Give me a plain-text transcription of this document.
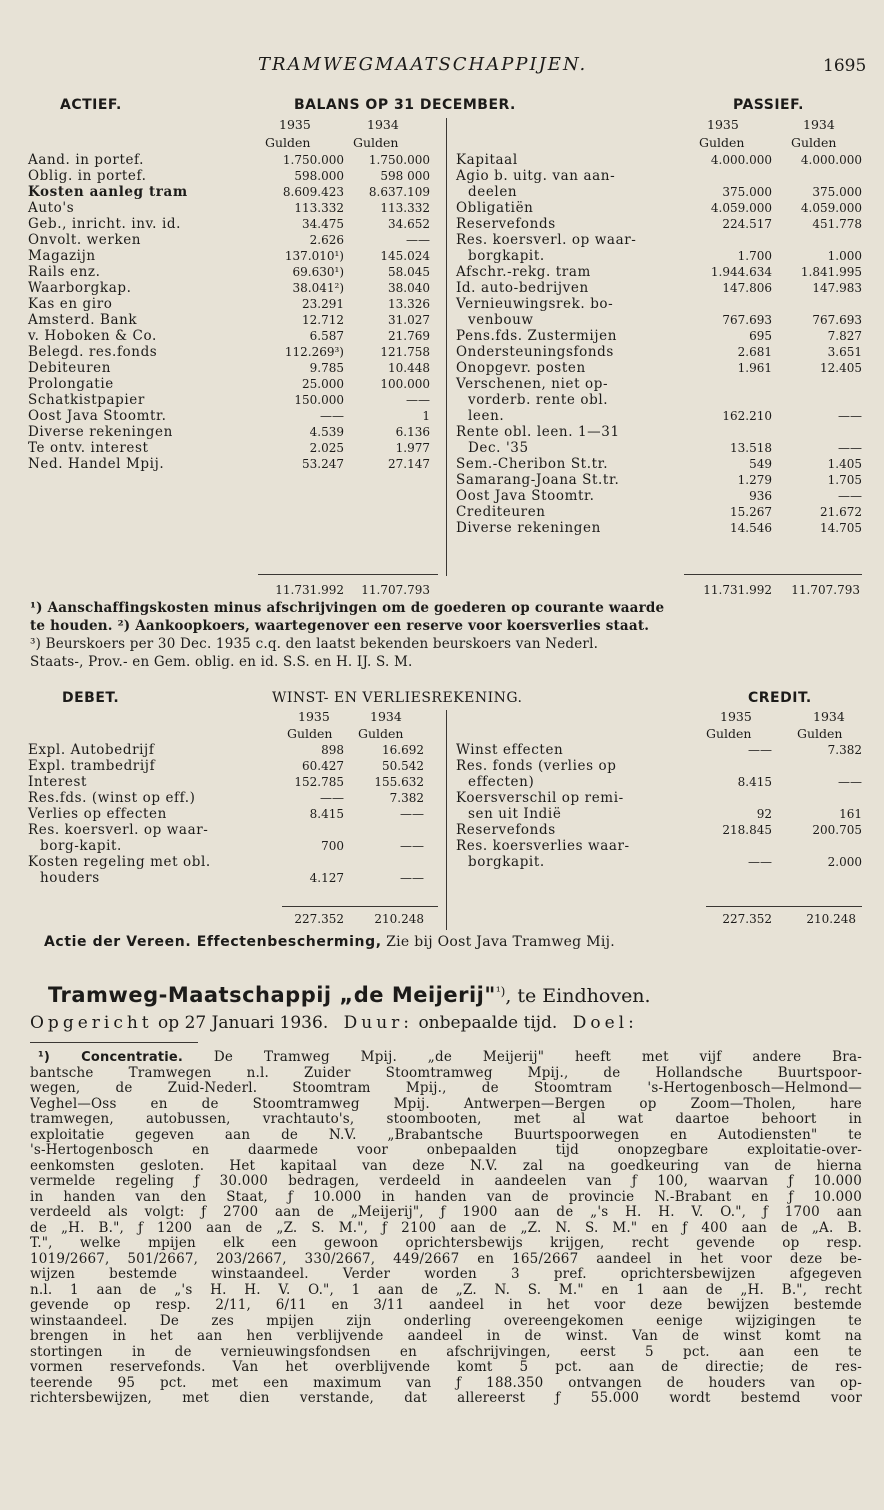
TRAMWEGMAATSCHAPPIJEN.	1695
ACTIEF.	BALANS OP 31 DECEMBER.	PASSIEF.
1935	1934	1935	1934
Gulden	Gulden	Gulden	Gulden
Aand. in portef.	1.750.000	1.750.000
Oblig. in portef.	598.000	598 000
Kosten aanleg tram	8.609.423	8.637.109
Auto's	113.332	113.332
Geb., inricht. inv. id.	34.475	34.652
Onvolt. werken	2.626	——
Magazijn	137.010¹)	145.024
Rails enz.	69.630¹)	58.045
Waarborgkap.	38.041²)	38.040
Kas en giro	23.291	13.326
Amsterd. Bank	12.712	31.027
v. Hoboken & Co.	6.587	21.769
Belegd. res.fonds	112.269³)	121.758
Debiteuren	9.785	10.448
Prolongatie	25.000	100.000
Schatkistpapier	150.000	——
Oost Java Stoomtr.	——	1
Diverse rekeningen	4.539	6.136
Te ontv. interest	2.025	1.977
Ned. Handel Mpij.	53.247	27.147
Kapitaal	4.000.000	4.000.000
Agio b. uitg. van aan-
deelen	375.000	375.000
Obligatiën	4.059.000	4.059.000
Reservefonds	224.517	451.778
Res. koersverl. op waar-
borgkapit.	1.700	1.000
Afschr.-rekg. tram	1.944.634	1.841.995
Id. auto-bedrijven	147.806	147.983
Vernieuwingsrek. bo-
venbouw	767.693	767.693
Pens.fds. Zustermijen	695	7.827
Ondersteuningsfonds	2.681	3.651
Onopgevr. posten	1.961	12.405
Verschenen, niet op-
vorderb. rente obl.
leen.	162.210	——
Rente obl. leen. 1—31
Dec. '35	13.518	——
Sem.-Cheribon St.tr.	549	1.405
Samarang-Joana St.tr.	1.279	1.705
Oost Java Stoomtr.	936	——
Crediteuren	15.267	21.672
Diverse rekeningen	14.546	14.705
11.731.992	11.707.793	11.731.992	11.707.793
¹) Aanschaffingskosten minus afschrijvingen om de goederen op courante waarde
te houden. ²) Aankoopkoers, waartegenover een reserve voor koersverlies staat.
³) Beurskoers per 30 Dec. 1935 c.q. den laatst bekenden beurskoers van Nederl.
Staats-, Prov.- en Gem. oblig. en id. S.S. en H. IJ. S. M.
DEBET.	WINST- EN VERLIESREKENING.	CREDIT.
1935	1934	1935	1934
Gulden Gulden	Gulden	Gulden
Expl. Autobedrijf	898	16.692
Expl. trambedrijf	60.427	50.542
Interest	152.785	155.632
Res.fds. (winst op eff.)	——	7.382
Verlies op effecten	8.415	——
Res. koersverl. op waar-
borg-kapit.	700	——
Kosten regeling met obl.
houders	4.127	——
Winst effecten	——	7.382
Res. fonds (verlies op
effecten)	8.415	——
Koersverschil op remi-
sen uit Indië	92	161
Reservefonds	218.845	200.705
Res. koersverlies waar-
borgkapit.	——	2.000
227.352	210.248	227.352	210.248
Actie der Vereen. Effectenbescherming, Zie bij Oost Java Tramweg Mij.
Tramweg-Maatschappij „de Meijerij"$^{^1)}$, te Eindhoven.
Opgericht op 27 Januari 1936. Duur: onbepaalde tijd. Doel:
¹) Concentratie. De Tramweg Mpij. „de Meijerij" heeft met vijf andere Bra-
bantsche Tramwegen n.l. Zuider Stoomtramweg Mpij., de Hollandsche Buurtspoor-
wegen, de Zuid-Nederl. Stoomtram Mpij., de Stoomtram 's-Hertogenbosch—Helmond—
Veghel—Oss en de Stoomtramweg Mpij. Antwerpen—Bergen op Zoom—Tholen, hare
tramwegen, autobussen, vrachtauto's, stoombooten, met al wat daartoe behoort in
exploitatie gegeven aan de N.V. „Brabantsche Buurtspoorwegen en Autodiensten" te
's-Hertogenbosch en daarmede voor onbepaalden tijd onopzegbare exploitatie-over-
eenkomsten gesloten. Het kapitaal van deze N.V. zal na goedkeuring van de hierna
vermelde regeling ƒ 30.000 bedragen, verdeeld in aandeelen van ƒ 100, waarvan ƒ 10.000
in handen van den Staat, ƒ 10.000 in handen van de provincie N.-Brabant en ƒ 10.000
verdeeld als volgt: ƒ 2700 aan de „Meijerij", ƒ 1900 aan de „'s H. H. V. O.", ƒ 1700 aan
de „H. B.", ƒ 1200 aan de „Z. S. M.", ƒ 2100 aan de „Z. N. S. M." en ƒ 400 aan de „A. B.
T.", welke mpijen elk een gewoon oprichtersbewijs krijgen, recht gevende op resp.
1019/2667, 501/2667, 203/2667, 330/2667, 449/2667 en 165/2667 aandeel in het voor deze be-
wijzen bestemde winstaandeel. Verder worden 3 pref. oprichtersbewijzen afgegeven
n.l. 1 aan de „'s H. H. V. O.", 1 aan de „Z. N. S. M." en 1 aan de „H. B.", recht
gevende op resp. 2/11, 6/11 en 3/11 aandeel in het voor deze bewijzen bestemde
winstaandeel. De zes mpijen zijn onderling overeengekomen eenige wijzigingen te
brengen in het aan hen verblijvende aandeel in de winst. Van de winst komt na
stortingen in de vernieuwingsfondsen en afschrijvingen, eerst 5 pct. aan een te
vormen reservefonds. Van het overblijvende komt 5 pct. aan de directie; de res-
teerende 95 pct. met een maximum van ƒ 188.350 ontvangen de houders van op-
richtersbewijzen, met dien verstande, dat allereerst ƒ 55.000 wordt bestemd voor
